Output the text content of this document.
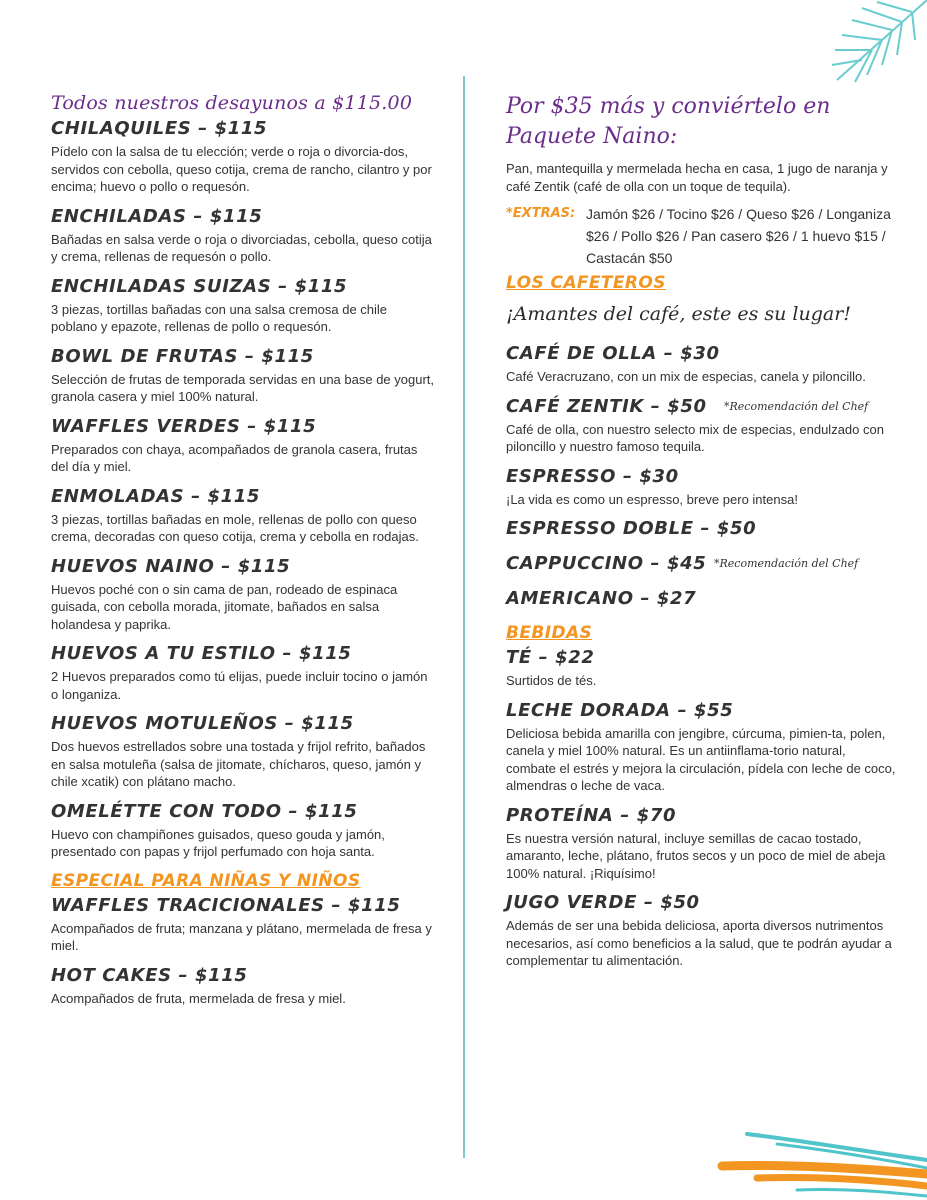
Todos nuestros desayunos a $115.00
CHILAQUILES – $115

Pídelo con la salsa de tu elección; verde o roja o divorcia-dos, servidos con cebolla, queso cotija, crema de rancho, cilantro y por encima; huevo o pollo o requesón.

ENCHILADAS – $115

Bañadas en salsa verde o roja o divorciadas, cebolla, queso cotija y crema, rellenas de requesón o pollo.

ENCHILADAS SUIZAS – $115

3 piezas, tortillas bañadas con una salsa cremosa de chile poblano y epazote, rellenas de pollo o requesón.

BOWL DE FRUTAS – $115

Selección de frutas de temporada servidas en una base de yogurt, granola casera y miel 100% natural.

WAFFLES VERDES – $115

Preparados con chaya, acompañados de granola casera, frutas del día y miel.

ENMOLADAS – $115

3 piezas, tortillas bañadas en mole, rellenas de pollo con queso crema, decoradas con queso cotija, crema y cebolla en rodajas.

HUEVOS NAINO – $115

Huevos poché con o sin cama de pan, rodeado de espinaca guisada, con cebolla morada, jitomate, bañados en salsa holandesa y paprika.

HUEVOS A TU ESTILO – $115

2 Huevos preparados como tú elijas, puede incluir tocino o jamón o longaniza.

HUEVOS MOTULEÑOS – $115

Dos huevos estrellados sobre una tostada y frijol refrito, bañados en salsa motuleña (salsa de jitomate, chícharos, queso, jamón y chile xcatik) con plátano macho.

OMELÉTTE CON TODO – $115

Huevo con champiñones guisados, queso gouda y jamón, presentado con papas y frijol perfumado con hoja santa.

ESPECIAL PARA NIÑAS Y NIÑOS
WAFFLES TRACICIONALES – $115

Acompañados de fruta; manzana y plátano, mermelada de fresa y miel.

HOT CAKES – $115

Acompañados de fruta, mermelada de fresa y miel.

Por $35 más y conviértelo en Paquete Naino:

Pan, mantequilla y mermelada hecha en casa, 1 jugo de naranja y café Zentik (café de olla con un toque de tequila).

*EXTRAS: Jamón $26 / Tocino $26 / Queso $26 / Longaniza $26 / Pollo $26 / Pan casero $26 / 1 huevo $15 / Castacán $50
LOS CAFETEROS
¡Amantes del café, este es su lugar!
CAFÉ DE OLLA – $30

Café Veracruzano, con un mix de especias, canela y piloncillo.

CAFÉ ZENTIK – $50 *Recomendación del Chef

Café de olla, con nuestro selecto mix de especias, endulzado con piloncillo y nuestro famoso tequila.

ESPRESSO – $30

¡La vida es como un espresso, breve pero intensa!

ESPRESSO DOBLE – $50
CAPPUCCINO – $45 *Recomendación del Chef
AMERICANO – $27
BEBIDAS
TÉ – $22

Surtidos de tés.

LECHE DORADA – $55

Deliciosa bebida amarilla con jengibre, cúrcuma, pimien-ta, polen, canela y miel 100% natural. Es un antiinflama-torio natural, combate el estrés y mejora la circulación, pídela con leche de coco, almendras o leche de vaca.

PROTEÍNA – $70

Es nuestra versión natural, incluye semillas de cacao tostado, amaranto, leche, plátano, frutos secos y un poco de miel de abeja 100% natural. ¡Riquísimo!

JUGO VERDE – $50

Además de ser una bebida deliciosa, aporta diversos nutrimentos necesarios, así como beneficios a la salud, que te podrán ayudar a complementar tu alimentación.
